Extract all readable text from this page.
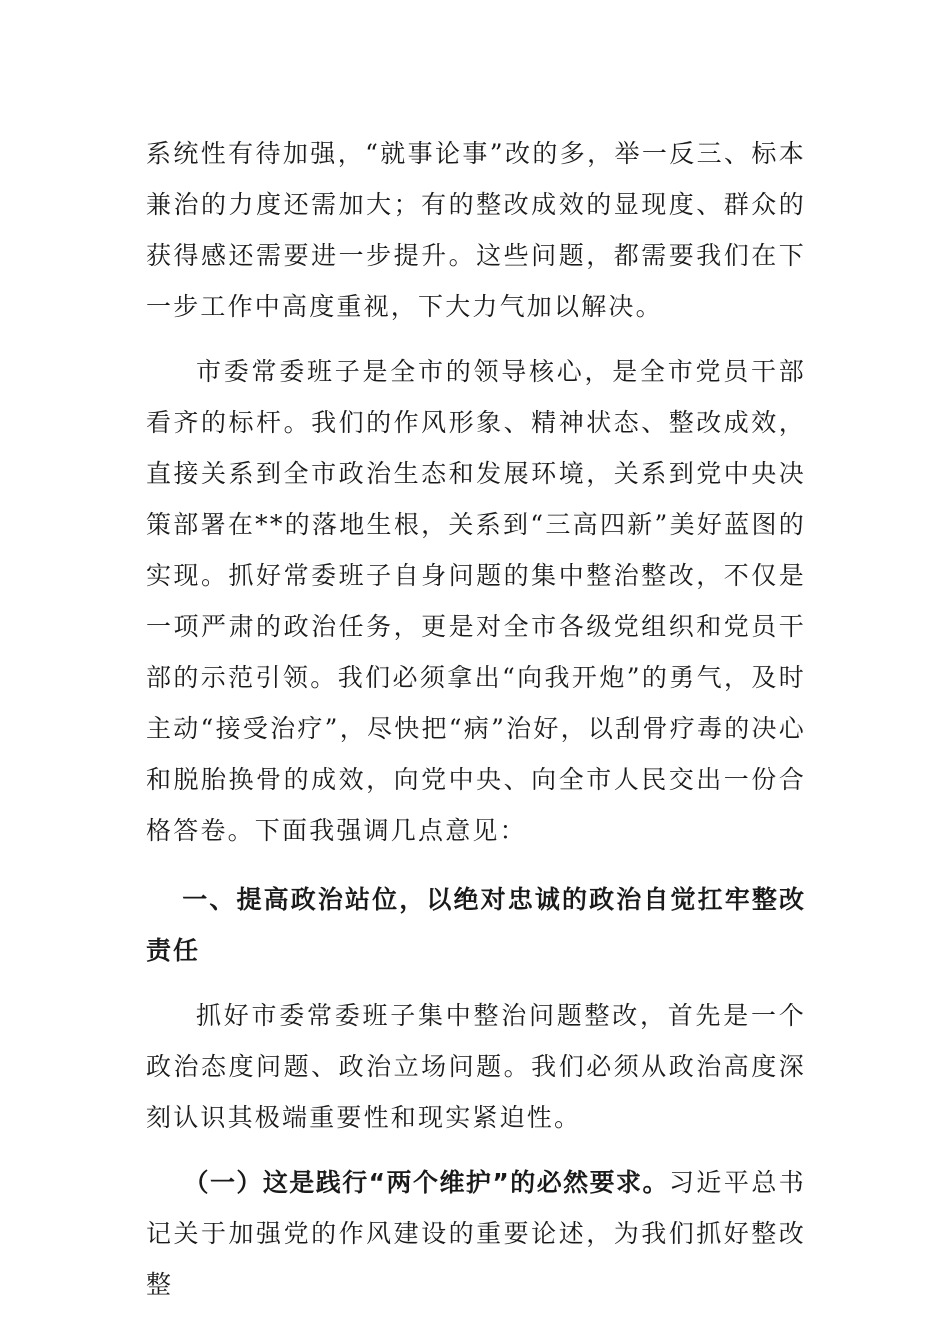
系统性有待加强，“就事论事”改的多，举一反三、标本兼治的力度还需加大；有的整改成效的显现度、群众的获得感还需要进一步提升。这些问题，都需要我们在下一步工作中高度重视，下大力气加以解决。

市委常委班子是全市的领导核心，是全市党员干部看齐的标杆。我们的作风形象、精神状态、整改成效，直接关系到全市政治生态和发展环境，关系到党中央决策部署在**的落地生根，关系到“三高四新”美好蓝图的实现。抓好常委班子自身问题的集中整治整改，不仅是一项严肃的政治任务，更是对全市各级党组织和党员干部的示范引领。我们必须拿出“向我开炮”的勇气，及时主动“接受治疗”，尽快把“病”治好，以刮骨疗毒的决心和脱胎换骨的成效，向党中央、向全市人民交出一份合格答卷。下面我强调几点意见：

一、提高政治站位，以绝对忠诚的政治自觉扛牢整改责任

抓好市委常委班子集中整治问题整改，首先是一个政治态度问题、政治立场问题。我们必须从政治高度深刻认识其极端重要性和现实紧迫性。

（一）这是践行“两个维护”的必然要求。习近平总书记关于加强党的作风建设的重要论述，为我们抓好整改整
